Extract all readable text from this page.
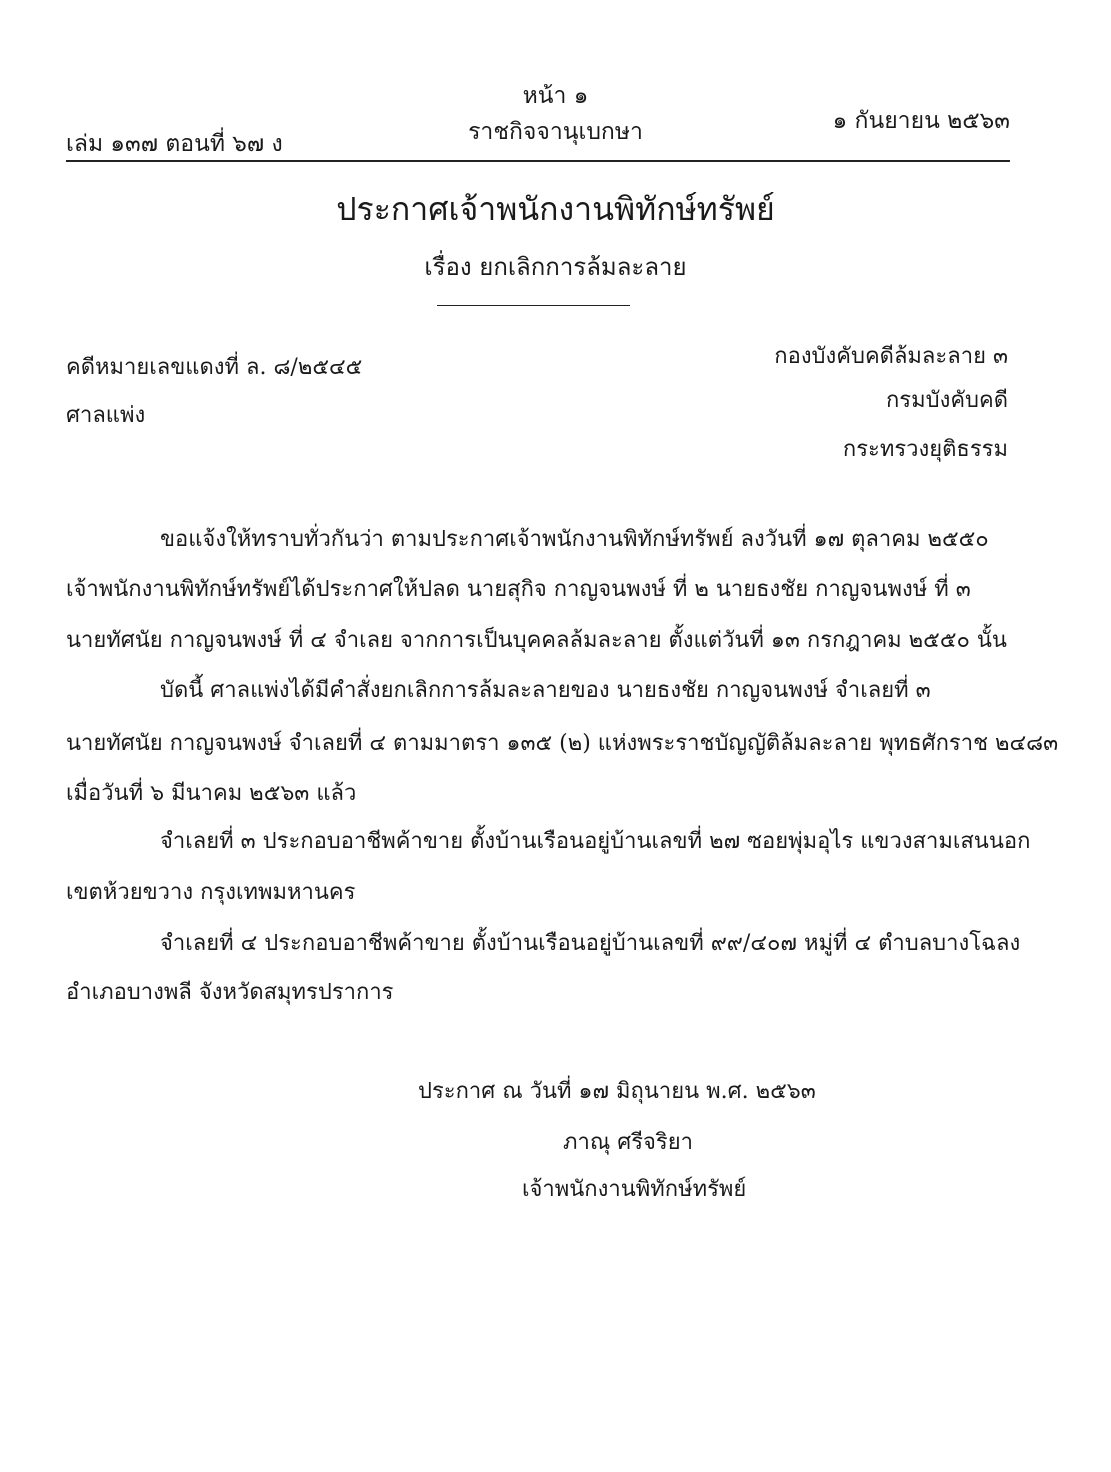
หน้า ๑
เล่ม ๑๓๗ ตอนที่ ๖๗ ง	ราชกิจจานุเบกษา	๑ กันยายน ๒๕๖๓
ประกาศเจ้าพนักงานพิทักษ์ทรัพย์
เรื่อง ยกเลิกการล้มละลาย
คดีหมายเลขแดงที่ ล. ๘/๒๕๔๕
ศาลแพ่ง
กองบังคับคดีล้มละลาย ๓
กรมบังคับคดี
กระทรวงยุติธรรม
ขอแจ้งให้ทราบทั่วกันว่า ตามประกาศเจ้าพนักงานพิทักษ์ทรัพย์ ลงวันที่ ๑๗ ตุลาคม ๒๕๕๐
เจ้าพนักงานพิทักษ์ทรัพย์ได้ประกาศให้ปลด นายสุกิจ กาญจนพงษ์ ที่ ๒ นายธงชัย กาญจนพงษ์ ที่ ๓
นายทัศนัย กาญจนพงษ์ ที่ ๔ จำเลย จากการเป็นบุคคลล้มละลาย ตั้งแต่วันที่ ๑๓ กรกฎาคม ๒๕๕๐ นั้น
บัดนี้ ศาลแพ่งได้มีคำสั่งยกเลิกการล้มละลายของ นายธงชัย กาญจนพงษ์ จำเลยที่ ๓
นายทัศนัย กาญจนพงษ์ จำเลยที่ ๔ ตามมาตรา ๑๓๕ (๒) แห่งพระราชบัญญัติล้มละลาย พุทธศักราช ๒๔๘๓
เมื่อวันที่ ๖ มีนาคม ๒๕๖๓ แล้ว
จำเลยที่ ๓ ประกอบอาชีพค้าขาย ตั้งบ้านเรือนอยู่บ้านเลขที่ ๒๗ ซอยพุ่มอุไร แขวงสามเสนนอก
เขตห้วยขวาง กรุงเทพมหานคร
จำเลยที่ ๔ ประกอบอาชีพค้าขาย ตั้งบ้านเรือนอยู่บ้านเลขที่ ๙๙/๔๐๗ หมู่ที่ ๔ ตำบลบางโฉลง
อำเภอบางพลี จังหวัดสมุทรปราการ
ประกาศ ณ วันที่ ๑๗ มิถุนายน พ.ศ. ๒๕๖๓
ภาณุ ศรีจริยา
เจ้าพนักงานพิทักษ์ทรัพย์
